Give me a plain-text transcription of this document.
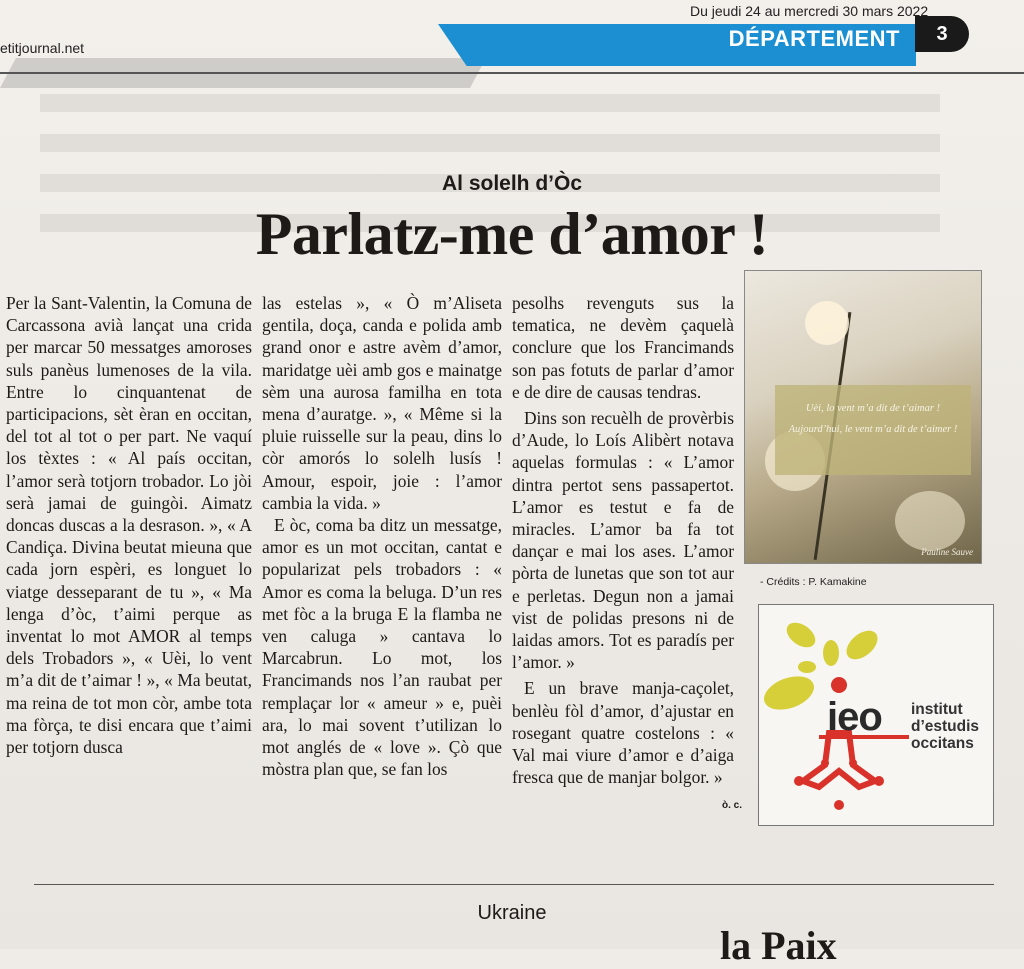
etitjournal.net	DÉPARTEMENT	3
Du jeudi 24 au mercredi 30 mars 2022
Al solelh d’Òc
Parlatz-me d’amor !

Per la Sant-Valentin, la Comuna de Carcassona avià lançat una crida per marcar 50 messatges amoroses suls panèus lumenoses de la vila. Entre lo cinquantenat de participacions, sèt èran en occitan, del tot al tot o per part. Ne vaquí los tèxtes : « Al país occitan, l’amor serà totjorn trobador. Lo jòi serà jamai de guingòi. Aimatz doncas duscas a la desrason. », « A Candiça. Divina beutat mieuna que cada jorn espèri, es longuet lo viatge desseparant de tu », « Ma lenga d’òc, t’aimi perque as inventat lo mot AMOR al temps dels Trobadors », « Uèi, lo vent m’a dit de t’aimar ! », « Ma beutat, ma reina de tot mon còr, ambe tota ma fòrça, te disi encara que t’aimi per totjorn dusca

las estelas », « Ò m’Aliseta gentila, doça, canda e polida amb grand onor e astre avèm d’amor, maridatge uèi amb gos e mainatge sèm una aurosa familha en tota mena d’auratge. », « Même si la pluie ruisselle sur la peau, dins lo còr amorós lo solelh lusís ! Amour, espoir, joie : l’amor cambia la vida. »

E òc, coma ba ditz un messatge, amor es un mot occitan, cantat e popularizat pels trobadors : « Amor es coma la beluga. D’un res met fòc a la bruga E la flamba ne ven caluga » cantava lo Marcabrun. Lo mot, los Francimands nos l’an raubat per remplaçar lor « ameur » e, puèi ara, lo mai sovent t’utilizan lo mot anglés de « love ». Çò que mòstra plan que, se fan los

pesolhs revenguts sus la tematica, ne devèm çaquelà conclure que los Francimands son pas fotuts de parlar d’amor e de dire de causas tendras.

Dins son recuèlh de provèrbis d’Aude, lo Loís Alibèrt notava aquelas formulas : « L’amor dintra pertot sens passapertot. L’amor es testut e fa de miracles. L’amor ba fa tot dançar e mai los ases. L’amor pòrta de lunetas que son tot aur e perletas. Degun non a jamai vist de polidas presons ni de laidas amors. Tot es paradís per l’amor. »

E un brave manja-caçolet, benlèu fòl d’amor, d’ajustar en rosegant quatre costelons : « Val mai viure d’amor e d’aiga fresca que de manjar bolgor. »

Uèi, lo vent m’a dit de t’aimar !
Aujourd’hui, le vent m’a dit de t’aimer !
Pauline Sauve
- Crédits : P. Kamakine
ieo institut
d’estudis
occitans
ò. c.
Ukraine
la Paix
